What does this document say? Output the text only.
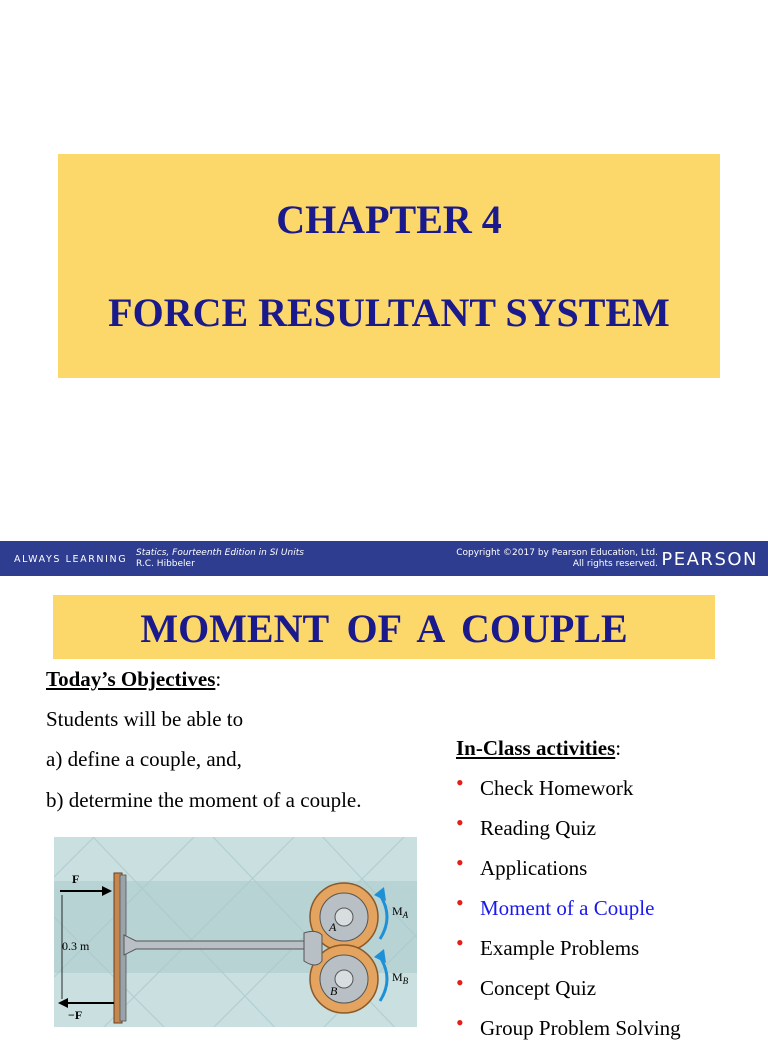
CHAPTER 4
FORCE RESULTANT SYSTEM
ALWAYS LEARNING
Statics, Fourteenth Edition in SI Units
R.C. Hibbeler
Copyright ©2017 by Pearson Education, Ltd.
All rights reserved. PEARSON
MOMENT OF A COUPLE
Today’s Objectives:
Students will be able to
a) define a couple, and,
b) determine the moment of a couple.
In-Class activities:
• Check Homework
• Reading Quiz
• Applications
• Moment of a Couple
• Example Problems
• Concept Quiz
• Group Problem Solving
F
−F
0.3 m
A
B
$M_A$
$M_B$
